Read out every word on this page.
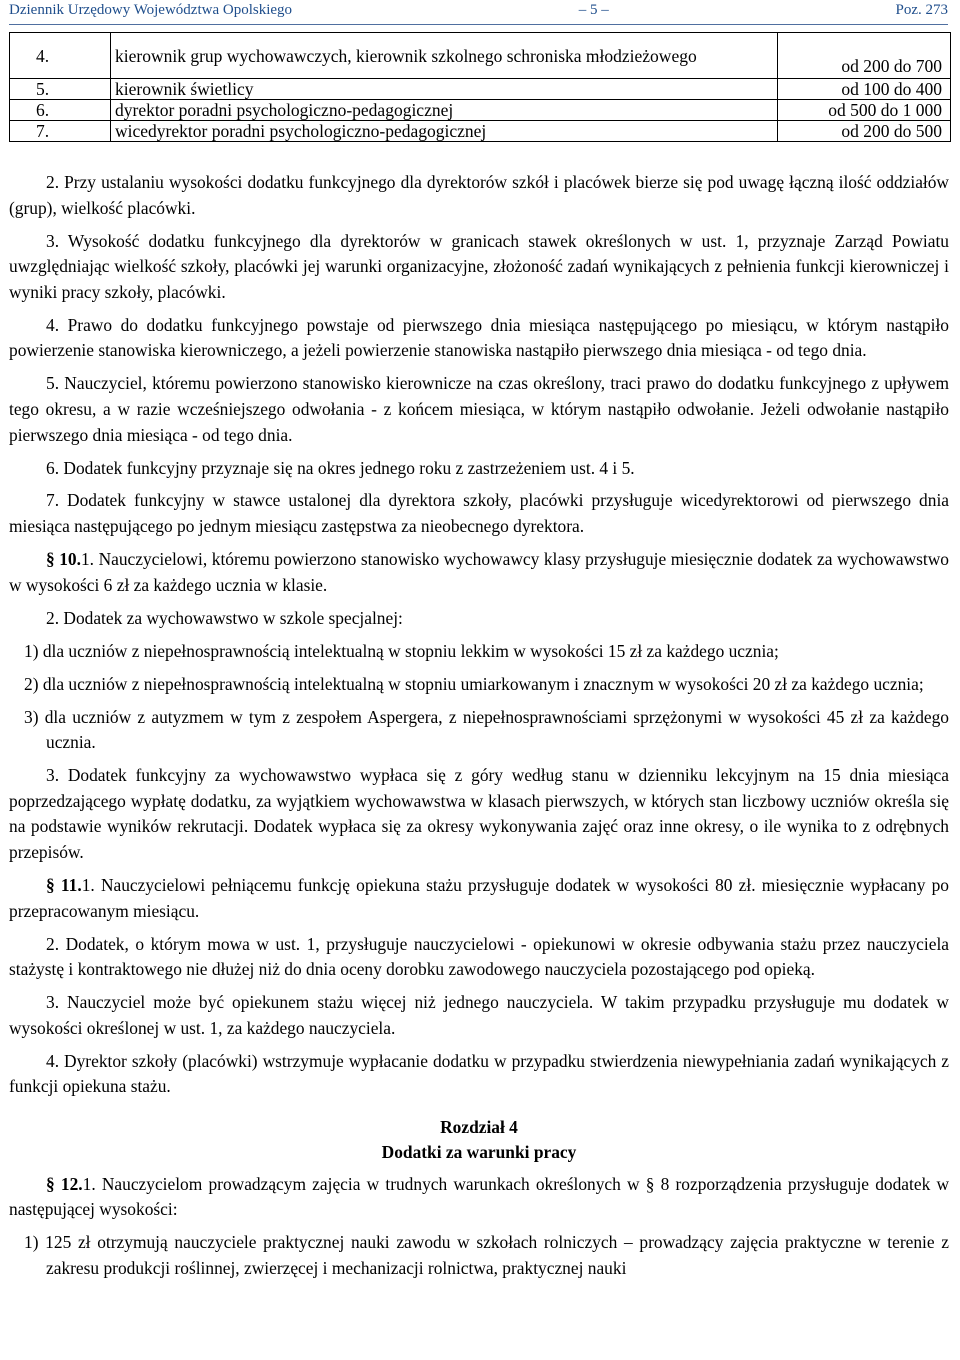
Dziennik Urzędowy Województwa Opolskiego	– 5 –	Poz. 273
4.	kierownik grup wychowawczych, kierownik szkolnego schroniska młodzieżowego	od 200 do 700
5.	kierownik świetlicy	od 100 do 400
6.	dyrektor poradni psychologiczno-pedagogicznej	od 500 do 1 000
7.	wicedyrektor poradni psychologiczno-pedagogicznej	od 200 do 500

2. Przy ustalaniu wysokości dodatku funkcyjnego dla dyrektorów szkół i placówek bierze się pod uwagę łączną ilość oddziałów (grup), wielkość placówki.

3. Wysokość dodatku funkcyjnego dla dyrektorów w granicach stawek określonych w ust. 1, przyznaje Zarząd Powiatu uwzględniając wielkość szkoły, placówki jej warunki organizacyjne, złożoność zadań wynikających z pełnienia funkcji kierowniczej i wyniki pracy szkoły, placówki.

4. Prawo do dodatku funkcyjnego powstaje od pierwszego dnia miesiąca następującego po miesiącu, w którym nastąpiło powierzenie stanowiska kierowniczego, a jeżeli powierzenie stanowiska nastąpiło pierwszego dnia miesiąca - od tego dnia.

5. Nauczyciel, któremu powierzono stanowisko kierownicze na czas określony, traci prawo do dodatku funkcyjnego z upływem tego okresu, a w razie wcześniejszego odwołania - z końcem miesiąca, w którym nastąpiło odwołanie. Jeżeli odwołanie nastąpiło pierwszego dnia miesiąca - od tego dnia.

6. Dodatek funkcyjny przyznaje się na okres jednego roku z zastrzeżeniem ust. 4 i 5.

7. Dodatek funkcyjny w stawce ustalonej dla dyrektora szkoły, placówki przysługuje wicedyrektorowi od pierwszego dnia miesiąca następującego po jednym miesiącu zastępstwa za nieobecnego dyrektora.

§ 10.1. Nauczycielowi, któremu powierzono stanowisko wychowawcy klasy przysługuje miesięcznie dodatek za wychowawstwo w wysokości 6 zł za każdego ucznia w klasie.

2. Dodatek za wychowawstwo w szkole specjalnej:

1) dla uczniów z niepełnosprawnością intelektualną w stopniu lekkim w wysokości 15 zł za każdego ucznia;

2) dla uczniów z niepełnosprawnością intelektualną w stopniu umiarkowanym i znacznym w wysokości 20 zł za każdego ucznia;

3) dla uczniów z autyzmem w tym z zespołem Aspergera, z niepełnosprawnościami sprzężonymi w wysokości 45 zł za każdego ucznia.

3. Dodatek funkcyjny za wychowawstwo wypłaca się z góry według stanu w dzienniku lekcyjnym na 15 dnia miesiąca poprzedzającego wypłatę dodatku, za wyjątkiem wychowawstwa w klasach pierwszych, w których stan liczbowy uczniów określa się na podstawie wyników rekrutacji. Dodatek wypłaca się za okresy wykonywania zajęć oraz inne okresy, o ile wynika to z odrębnych przepisów.

§ 11.1. Nauczycielowi pełniącemu funkcję opiekuna stażu przysługuje dodatek w wysokości 80 zł. miesięcznie wypłacany po przepracowanym miesiącu.

2. Dodatek, o którym mowa w ust. 1, przysługuje nauczycielowi - opiekunowi w okresie odbywania stażu przez nauczyciela stażystę i kontraktowego nie dłużej niż do dnia oceny dorobku zawodowego nauczyciela pozostającego pod opieką.

3. Nauczyciel może być opiekunem stażu więcej niż jednego nauczyciela. W takim przypadku przysługuje mu dodatek w wysokości określonej w ust. 1, za każdego nauczyciela.

4. Dyrektor szkoły (placówki) wstrzymuje wypłacanie dodatku w przypadku stwierdzenia niewypełniania zadań wynikających z funkcji opiekuna stażu.

Rozdział 4
Dodatki za warunki pracy

§ 12.1. Nauczycielom prowadzącym zajęcia w trudnych warunkach określonych w § 8 rozporządzenia przysługuje dodatek w następującej wysokości:

1) 125 zł otrzymują nauczyciele praktycznej nauki zawodu w szkołach rolniczych – prowadzący zajęcia praktyczne w terenie z zakresu produkcji roślinnej, zwierzęcej i mechanizacji rolnictwa, praktycznej nauki
